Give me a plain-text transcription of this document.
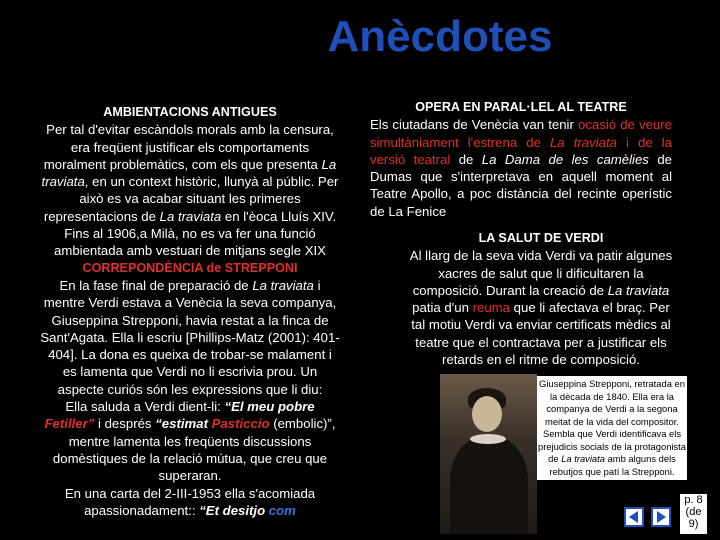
Anècdotes
AMBIENTACIONS ANTIGUES
Per tal d'evitar escàndols morals amb la censura, era freqüent justificar els comportaments moralment problemàtics, com els que presenta La traviata, en un context històric, llunyà al públic. Per això es va acabar situant les primeres representacions de La traviata en l'èoca Lluís XIV. Fins al 1906,a Milà, no es va fer una funció ambientada amb vestuari de mitjans segle XIX
CORREPONDÈNCIA de STREPPONI
En la fase final de preparació de La traviata i mentre Verdi estava a Venècia la seva companya, Giuseppina Strepponi, havia restat a la finca de Sant'Agata. Ella li escriu [Phillips-Matz (2001): 401-404]. La dona es queixa de trobar-se malament i es lamenta que Verdi no li escrivia prou. Un aspecte curiós són les expressions que li diu:
Ella saluda a Verdi dient-li: “El meu pobre Fetiller” i després “estimat Pasticcio (embolic)”, mentre lamenta les freqüents discussions domèstiques de la relació mútua, que creu que superaran.
En una carta del 2-III-1953 ella s'acomiada apassionadament:: “Et desitjo com
OPERA EN PARAL·LEL AL TEATRE
Els ciutadans de Venècia van tenir ocasió de veure simultàniament l'estrena de La traviata i de la versió teatral de La Dama de les camèlies de Dumas que s'interpretava en aquell moment al Teatre Apollo, a poc distància del recinte operístic de La Fenice
LA SALUT DE VERDI
Al llarg de la seva vida Verdi va patir algunes xacres de salut que li dificultaren la composició. Durant la creació de La traviata patia d'un reuma que li afectava el braç. Per tal motiu Verdi va enviar certificats mèdics al teatre que el contractava per a justificar els retards en el ritme de composició.
Giuseppina Strepponi, retratada en la dècada de 1840. Ella era la companya de Verdi a la segona meitat de la vida del compositor. Sembla que Verdi identificava els prejudicis socials de la protagonista de La traviata amb alguns dels rebutjos que patí la Strepponi.
p. 8
(de
9)
